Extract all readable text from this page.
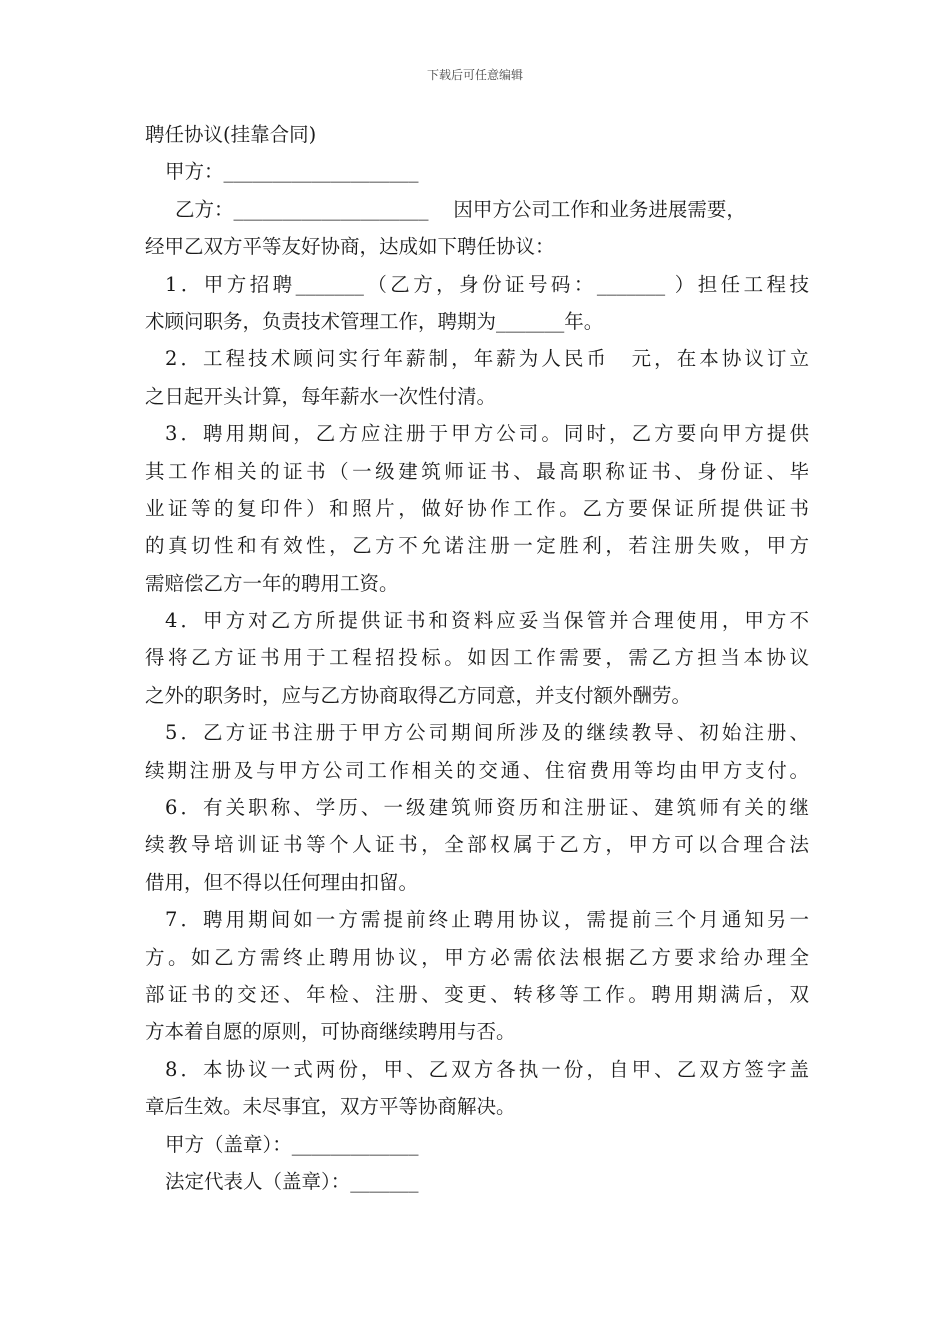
下载后可任意编辑
聘任协议(挂靠合同)
甲方：____________________
乙方：____________________ 因甲方公司工作和业务进展需要，
经甲乙双方平等友好协商，达成如下聘任协议：
1．甲方招聘_______（乙方，身份证号码：_______ ）担任工程技
术顾问职务，负责技术管理工作，聘期为_______年。
2．工程技术顾问实行年薪制，年薪为人民币　元，在本协议订立
之日起开头计算，每年薪水一次性付清。
3．聘用期间，乙方应注册于甲方公司。同时，乙方要向甲方提供
其工作相关的证书（一级建筑师证书、最高职称证书、身份证、毕
业证等的复印件）和照片，做好协作工作。乙方要保证所提供证书
的真切性和有效性，乙方不允诺注册一定胜利，若注册失败，甲方
需赔偿乙方一年的聘用工资。
4．甲方对乙方所提供证书和资料应妥当保管并合理使用，甲方不
得将乙方证书用于工程招投标。如因工作需要，需乙方担当本协议
之外的职务时，应与乙方协商取得乙方同意，并支付额外酬劳。
5．乙方证书注册于甲方公司期间所涉及的继续教导、初始注册、
续期注册及与甲方公司工作相关的交通、住宿费用等均由甲方支付。
6．有关职称、学历、一级建筑师资历和注册证、建筑师有关的继
续教导培训证书等个人证书，全部权属于乙方，甲方可以合理合法
借用，但不得以任何理由扣留。
7．聘用期间如一方需提前终止聘用协议，需提前三个月通知另一
方。如乙方需终止聘用协议，甲方必需依法根据乙方要求给办理全
部证书的交还、年检、注册、变更、转移等工作。聘用期满后，双
方本着自愿的原则，可协商继续聘用与否。
8．本协议一式两份，甲、乙双方各执一份，自甲、乙双方签字盖
章后生效。未尽事宜，双方平等协商解决。
甲方（盖章）：_____________
法定代表人（盖章）：_______
